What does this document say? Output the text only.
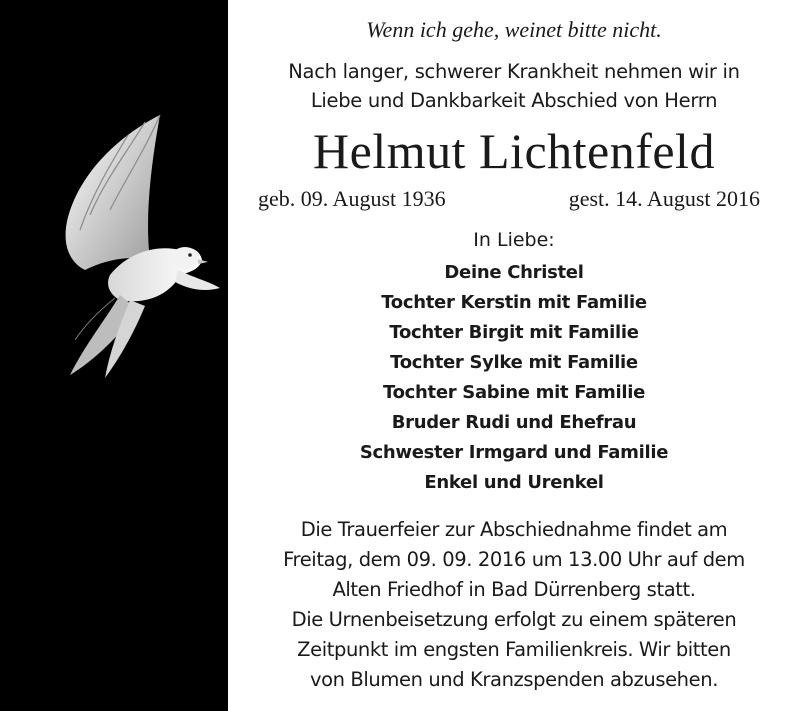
Wenn ich gehe, weinet bitte nicht.
Nach langer, schwerer Krankheit nehmen wir in
Liebe und Dankbarkeit Abschied von Herrn
Helmut Lichtenfeld
geb. 09. August 1936	gest. 14. August 2016
In Liebe:
Deine Christel
Tochter Kerstin mit Familie
Tochter Birgit mit Familie
Tochter Sylke mit Familie
Tochter Sabine mit Familie
Bruder Rudi und Ehefrau
Schwester Irmgard und Familie
Enkel und Urenkel
Die Trauerfeier zur Abschiednahme findet am
Freitag, dem 09. 09. 2016 um 13.00 Uhr auf dem
Alten Friedhof in Bad Dürrenberg statt.
Die Urnenbeisetzung erfolgt zu einem späteren
Zeitpunkt im engsten Familienkreis. Wir bitten
von Blumen und Kranzspenden abzusehen.
